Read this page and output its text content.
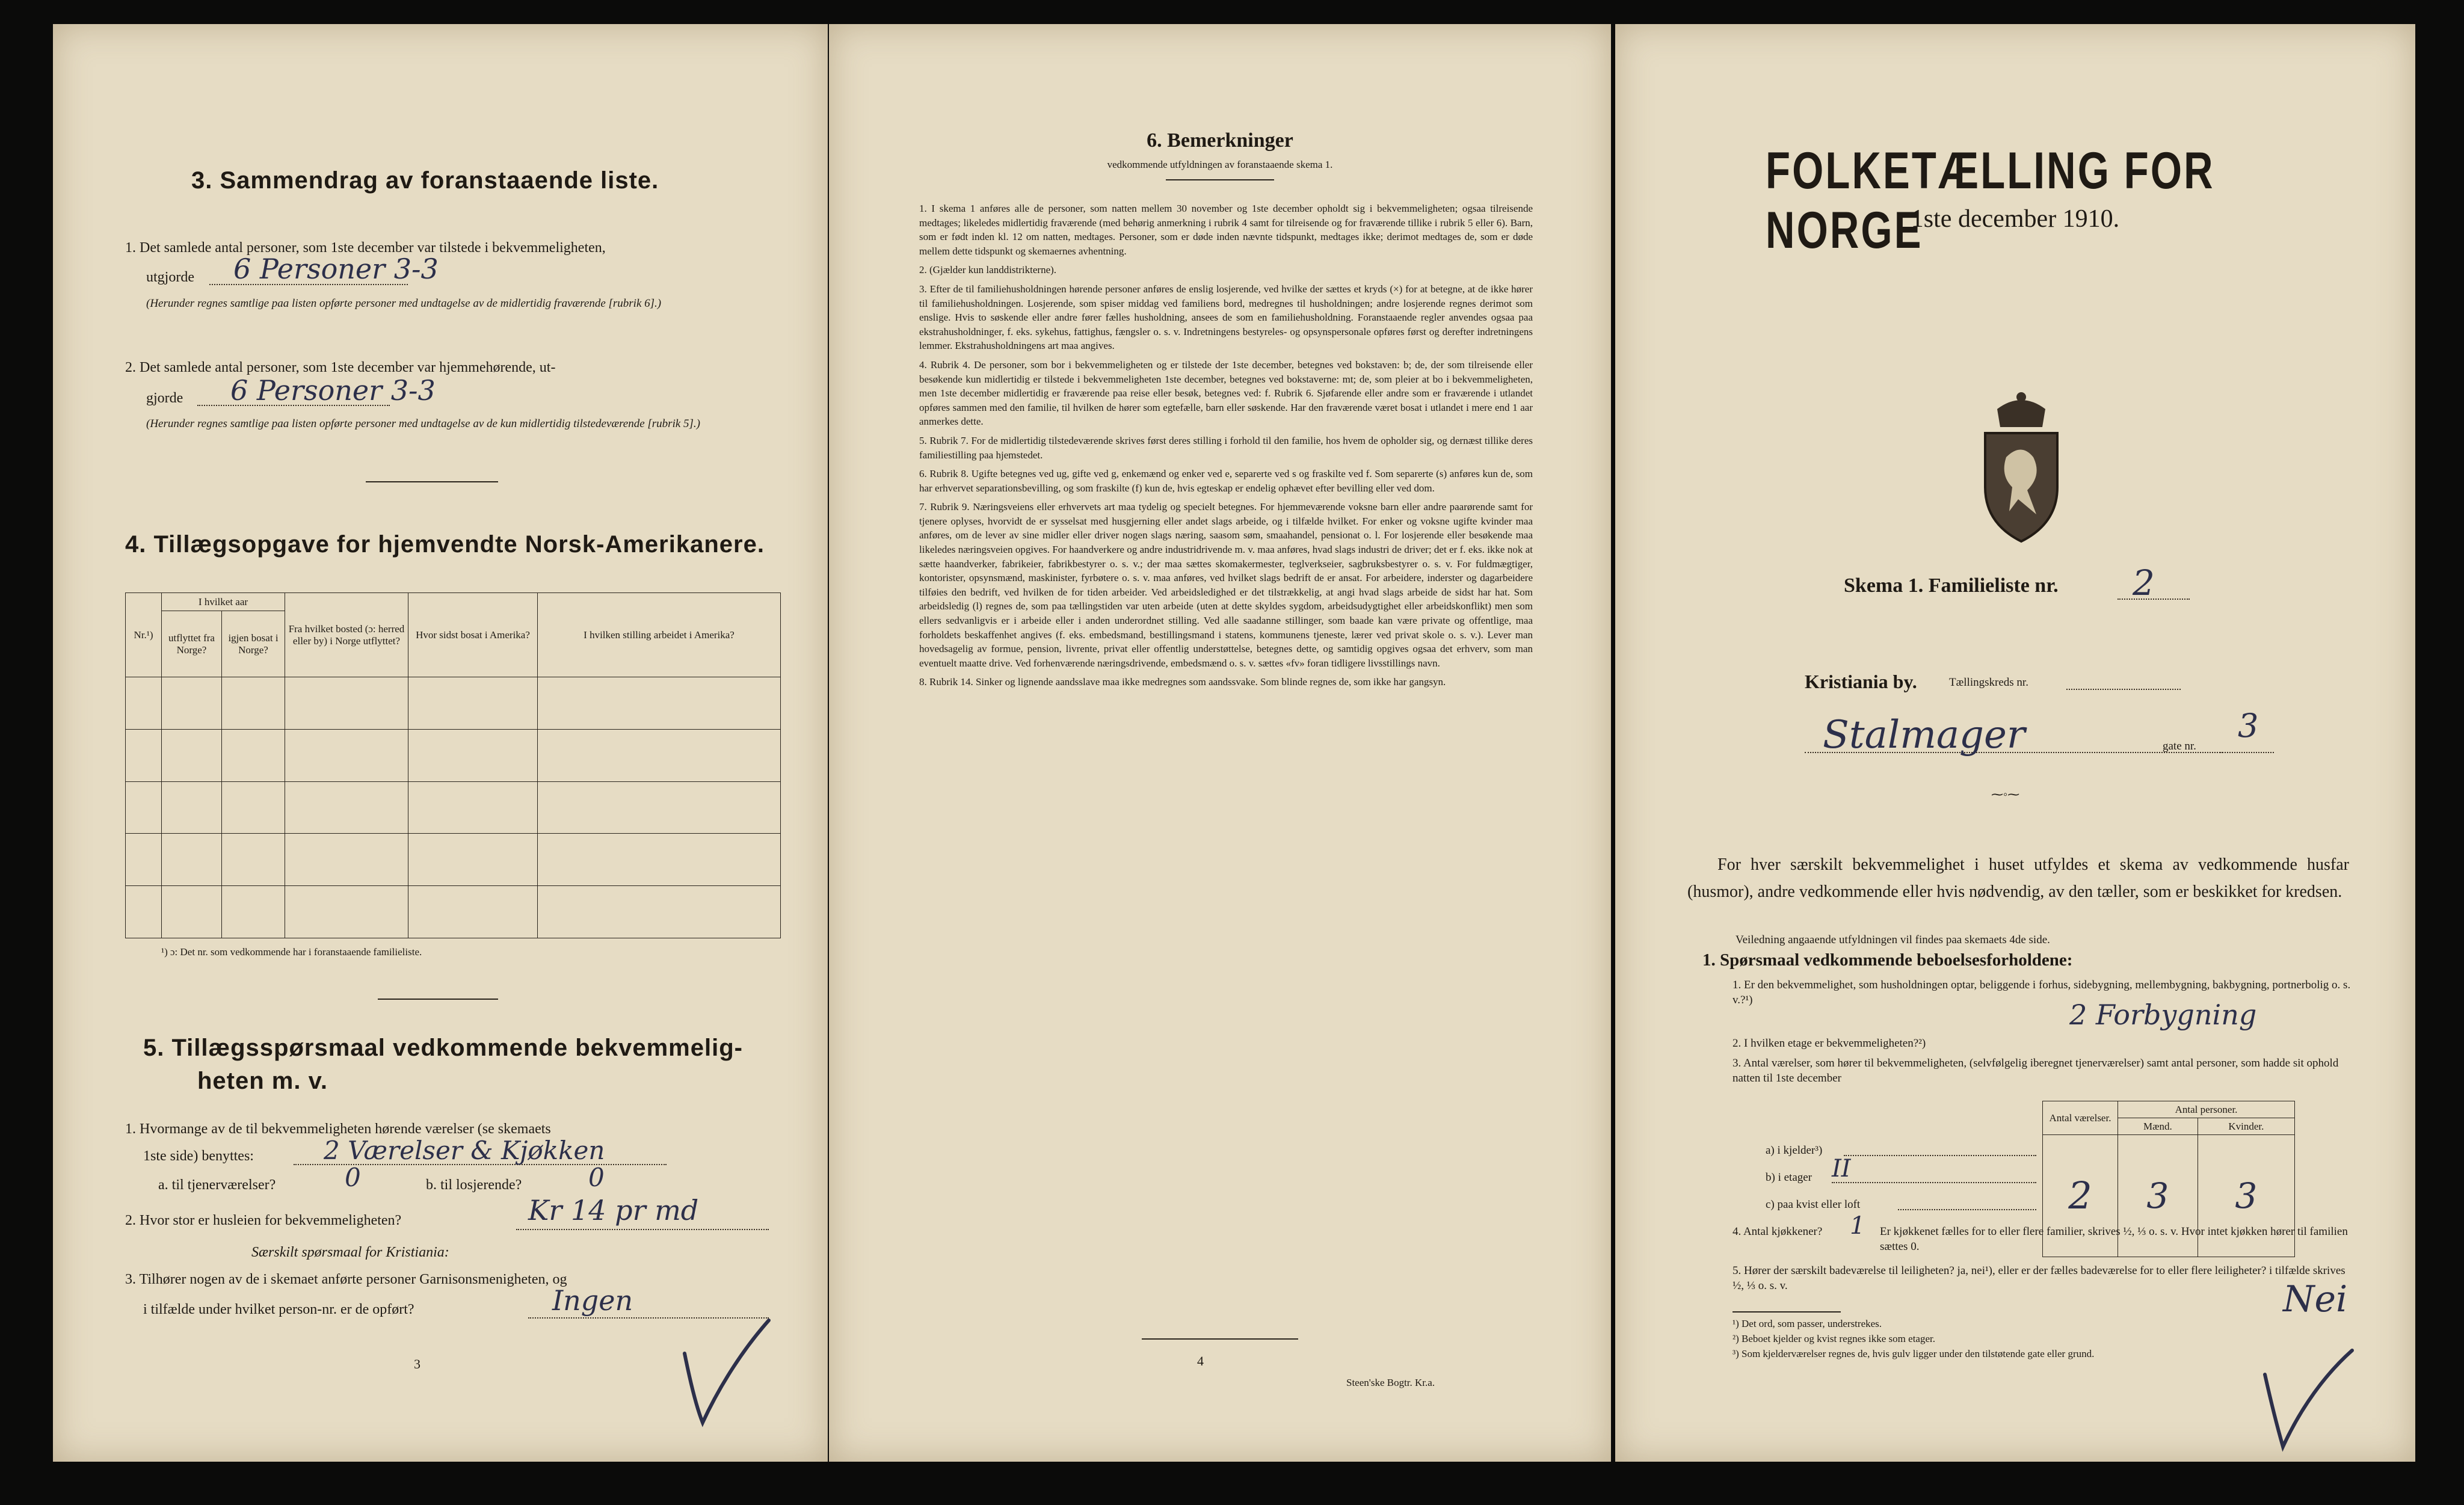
3. Sammendrag av foranstaaende liste.
1. Det samlede antal personer, som 1ste december var tilstede i bekvemmeligheten,
utgjorde 6 Personer 3-3
(Herunder regnes samtlige paa listen opførte personer med undtagelse av de midlertidig fraværende [rubrik 6].)
2. Det samlede antal personer, som 1ste december var hjemmehørende, ut-
gjorde 6 Personer 3-3
(Herunder regnes samtlige paa listen opførte personer med undtagelse av de kun midlertidig tilstedeværende [rubrik 5].)
4. Tillægsopgave for hjemvendte Norsk-Amerikanere.
Nr.¹)	I hvilket aar		Fra hvilket bosted (ɔ: herred eller by) i Norge utflyttet?	Hvor sidst bosat i Amerika?	I hvilken stilling arbeidet i Amerika?
	utflyttet fra Norge?	igjen bosat i Norge?			

¹) ɔ: Det nr. som vedkommende har i foranstaaende familieliste.
5. Tillægsspørsmaal vedkommende bekvemmelig-
heten m. v.
1. Hvormange av de til bekvemmeligheten hørende værelser (se skemaets
1ste side) benyttes:	2 Værelser & Kjøkken
a. til tjenerværelser?	0	b. til losjerende?	0
2. Hvor stor er husleien for bekvemmeligheten?	Kr 14 pr md
Særskilt spørsmaal for Kristiania:
3. Tilhører nogen av de i skemaet anførte personer Garnisonsmenigheten, og
i tilfælde under hvilket person-nr. er de opført?	Ingen
3
6. Bemerkninger
vedkommende utfyldningen av foranstaaende skema 1.

1. I skema 1 anføres alle de personer, som natten mellem 30 november og 1ste december opholdt sig i bekvemmeligheten; ogsaa tilreisende medtages; likeledes midlertidig fraværende (med behørig anmerkning i rubrik 4 samt for tilreisende og for fraværende tillike i rubrik 5 eller 6). Barn, som er født inden kl. 12 om natten, medtages. Personer, som er døde inden nævnte tidspunkt, medtages ikke; derimot medtages de, som er døde mellem dette tidspunkt og skemaernes avhentning.

2. (Gjælder kun landdistrikterne).

3. Efter de til familiehusholdningen hørende personer anføres de enslig losjerende, ved hvilke der sættes et kryds (×) for at betegne, at de ikke hører til familiehusholdningen. Losjerende, som spiser middag ved familiens bord, medregnes til husholdningen; andre losjerende regnes derimot som enslige. Hvis to søskende eller andre fører fælles husholdning, ansees de som en familiehusholdning. Foranstaaende regler anvendes ogsaa paa ekstrahusholdninger, f. eks. sykehus, fattighus, fængsler o. s. v. Indretningens bestyreles- og opsynspersonale opføres først og derefter indretningens lemmer. Ekstrahusholdningens art maa angives.

4. Rubrik 4. De personer, som bor i bekvemmeligheten og er tilstede der 1ste december, betegnes ved bokstaven: b; de, der som tilreisende eller besøkende kun midlertidig er tilstede i bekvemmeligheten 1ste december, betegnes ved bokstaverne: mt; de, som pleier at bo i bekvemmeligheten, men 1ste december midlertidig er fraværende paa reise eller besøk, betegnes ved: f. Rubrik 6. Sjøfarende eller andre som er fraværende i utlandet opføres sammen med den familie, til hvilken de hører som egtefælle, barn eller søskende. Har den fraværende været bosat i utlandet i mere end 1 aar anmerkes dette.

5. Rubrik 7. For de midlertidig tilstedeværende skrives først deres stilling i forhold til den familie, hos hvem de opholder sig, og dernæst tillike deres familiestilling paa hjemstedet.

6. Rubrik 8. Ugifte betegnes ved ug, gifte ved g, enkemænd og enker ved e, separerte ved s og fraskilte ved f. Som separerte (s) anføres kun de, som har erhvervet separationsbevilling, og som fraskilte (f) kun de, hvis egteskap er endelig ophævet efter bevilling eller ved dom.

7. Rubrik 9. Næringsveiens eller erhvervets art maa tydelig og specielt betegnes. For hjemmeværende voksne barn eller andre paarørende samt for tjenere oplyses, hvorvidt de er sysselsat med husgjerning eller andet slags arbeide, og i tilfælde hvilket. For enker og voksne ugifte kvinder maa anføres, om de lever av sine midler eller driver nogen slags næring, saasom søm, smaahandel, pensionat o. l. For losjerende eller besøkende maa likeledes næringsveien opgives. For haandverkere og andre industridrivende m. v. maa anføres, hvad slags industri de driver; det er f. eks. ikke nok at sætte haandverker, fabrikeier, fabrikbestyrer o. s. v.; der maa sættes skomakermester, teglverkseier, sagbruksbestyrer o. s. v. For fuldmægtiger, kontorister, opsynsmænd, maskinister, fyrbøtere o. s. v. maa anføres, ved hvilket slags bedrift de er ansat. For arbeidere, inderster og dagarbeidere tilføies den bedrift, ved hvilken de for tiden arbeider. Ved arbeidsledighed er det tilstrækkelig, at angi hvad slags arbeide de sidst har hat. Som arbeidsledig (l) regnes de, som paa tællingstiden var uten arbeide (uten at dette skyldes sygdom, arbeidsudygtighet eller arbeidskonflikt) men som ellers sedvanligvis er i arbeide eller i anden underordnet stilling. Ved alle saadanne stillinger, som baade kan være private og offentlige, maa forholdets beskaffenhet angives (f. eks. embedsmand, bestillingsmand i statens, kommunens tjeneste, lærer ved privat skole o. s. v.). Lever man hovedsagelig av formue, pension, livrente, privat eller offentlig understøttelse, betegnes dette, og samtidig opgives ogsaa det erhverv, som man eventuelt maatte drive. Ved forhenværende næringsdrivende, embedsmænd o. s. v. sættes «fv» foran tidligere livsstillings navn.

8. Rubrik 14. Sinker og lignende aandsslave maa ikke medregnes som aandssvake. Som blinde regnes de, som ikke har gangsyn.

4
Steen'ske Bogtr. Kr.a.
FOLKETÆLLING FOR NORGE
1ste december 1910.
Skema 1. Familieliste nr. 2
Kristiania by.	Tællingskreds nr.
Stalmager	gate nr.
3
⁓◦⁓
For hver særskilt bekvemmelighet i huset utfyldes et skema av vedkommende husfar (husmor), andre vedkommende eller hvis nødvendig, av den tæller, som er beskikket for kredsen.
Veiledning angaaende utfyldningen vil findes paa skemaets 4de side.
1. Spørsmaal vedkommende beboelsesforholdene:
1. Er den bekvemmelighet, som husholdningen optar, beliggende i forhus, sidebygning, mellembygning, bakbygning, portnerbolig o. s. v.?¹)	2 Forbygning
2. I hvilken etage er bekvemmeligheten?²)
3. Antal værelser, som hører til bekvemmeligheten, (selvfølgelig iberegnet tjenerværelser) samt antal personer, som hadde sit ophold natten til 1ste december
Antal værelser.	Antal personer.	
	Mænd.	Kvinder.
2	3	3
a) i kjelder³)
b) i etager II
c) paa kvist eller loft
4. Antal kjøkkener? 1 Er kjøkkenet fælles for to eller flere familier, skrives ½, ⅓ o. s. v. Hvor intet kjøkken hører til familien sættes 0.
5. Hører der særskilt badeværelse til leiligheten? ja, nei¹), eller er der fælles badeværelse for to eller flere leiligheter? i tilfælde skrives ½, ⅓ o. s. v.	Nei
¹) Det ord, som passer, understrekes.
²) Beboet kjelder og kvist regnes ikke som etager.
³) Som kjelderværelser regnes de, hvis gulv ligger under den tilstøtende gate eller grund.
